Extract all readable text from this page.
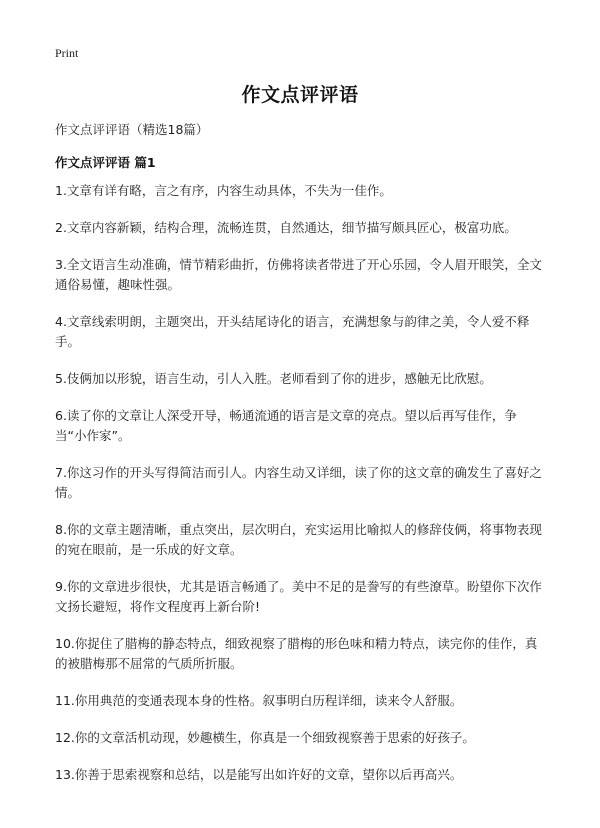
Print
作文点评评语
作文点评评语（精选18篇）
作文点评评语 篇1

1.文章有详有略，言之有序，内容生动具体，不失为一佳作。

2.文章内容新颖，结构合理，流畅连贯，自然通达，细节描写颇具匠心，极富功底。

3.全文语言生动准确，情节精彩曲折，仿佛将读者带进了开心乐园，令人眉开眼笑，全文通俗易懂，趣味性强。

4.文章线索明朗，主题突出，开头结尾诗化的语言，充满想象与韵律之美，令人爱不释手。

5.伎俩加以形貌，语言生动，引人入胜。老师看到了你的进步，感触无比欣慰。

6.读了你的文章让人深受开导，畅通流通的语言是文章的亮点。望以后再写佳作，争当“小作家”。

7.你这习作的开头写得简洁而引人。内容生动又详细，读了你的这文章的确发生了喜好之情。

8.你的文章主题清晰，重点突出，层次明白，充实运用比喻拟人的修辞伎俩，将事物表现的宛在眼前，是一乐成的好文章。

9.你的文章进步很快，尤其是语言畅通了。美中不足的是誊写的有些潦草。盼望你下次作文扬长避短，将作文程度再上新台阶!

10.你捉住了腊梅的静态特点，细致视察了腊梅的形色味和精力特点，读完你的佳作，真的被腊梅那不屈常的气质所折服。

11.你用典范的变通表现本身的性格。叙事明白历程详细，读来令人舒服。

12.你的文章活机动现，妙趣横生，你真是一个细致视察善于思索的好孩子。

13.你善于思索视察和总结，以是能写出如许好的文章，望你以后再高兴。
